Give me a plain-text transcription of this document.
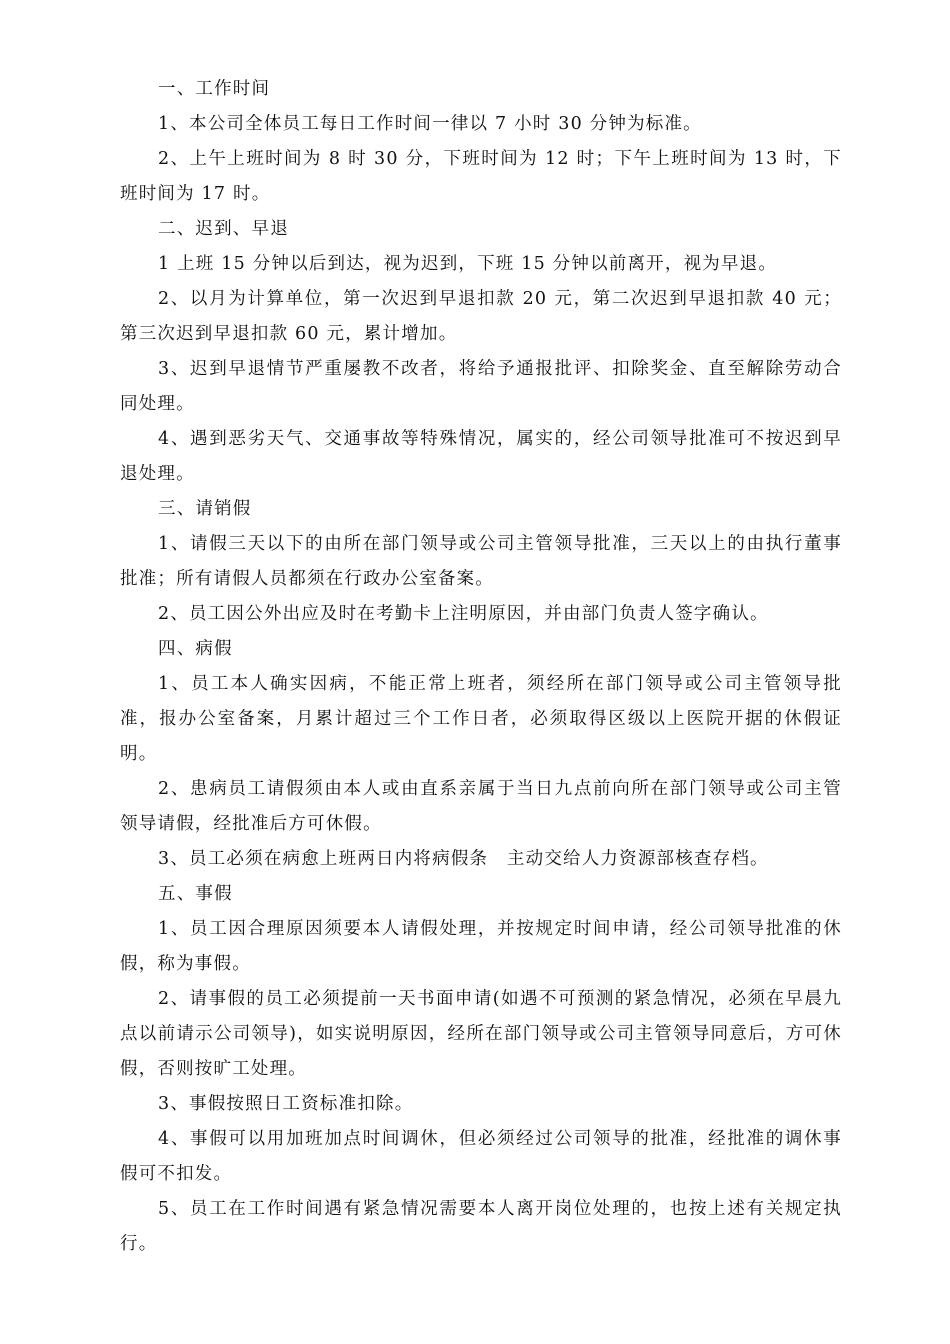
一、工作时间

1、本公司全体员工每日工作时间一律以 7 小时 30 分钟为标准。

2、上午上班时间为 8 时 30 分，下班时间为 12 时；下午上班时间为 13 时，下班时间为 17 时。

二、迟到、早退

1 上班 15 分钟以后到达，视为迟到，下班 15 分钟以前离开，视为早退。

2、以月为计算单位，第一次迟到早退扣款 20 元，第二次迟到早退扣款 40 元；第三次迟到早退扣款 60 元，累计增加。

3、迟到早退情节严重屡教不改者，将给予通报批评、扣除奖金、直至解除劳动合同处理。

4、遇到恶劣天气、交通事故等特殊情况，属实的，经公司领导批准可不按迟到早退处理。

三、请销假

1、请假三天以下的由所在部门领导或公司主管领导批准，三天以上的由执行董事批准；所有请假人员都须在行政办公室备案。

2、员工因公外出应及时在考勤卡上注明原因，并由部门负责人签字确认。

四、病假

1、员工本人确实因病，不能正常上班者，须经所在部门领导或公司主管领导批准，报办公室备案，月累计超过三个工作日者，必须取得区级以上医院开据的休假证明。

2、患病员工请假须由本人或由直系亲属于当日九点前向所在部门领导或公司主管领导请假，经批准后方可休假。

3、员工必须在病愈上班两日内将病假条　主动交给人力资源部核查存档。

五、事假

1、员工因合理原因须要本人请假处理，并按规定时间申请，经公司领导批准的休假，称为事假。

2、请事假的员工必须提前一天书面申请(如遇不可预测的紧急情况，必须在早晨九点以前请示公司领导)，如实说明原因，经所在部门领导或公司主管领导同意后，方可休假，否则按旷工处理。

3、事假按照日工资标准扣除。

4、事假可以用加班加点时间调休，但必须经过公司领导的批准，经批准的调休事假可不扣发。

5、员工在工作时间遇有紧急情况需要本人离开岗位处理的，也按上述有关规定执行。
